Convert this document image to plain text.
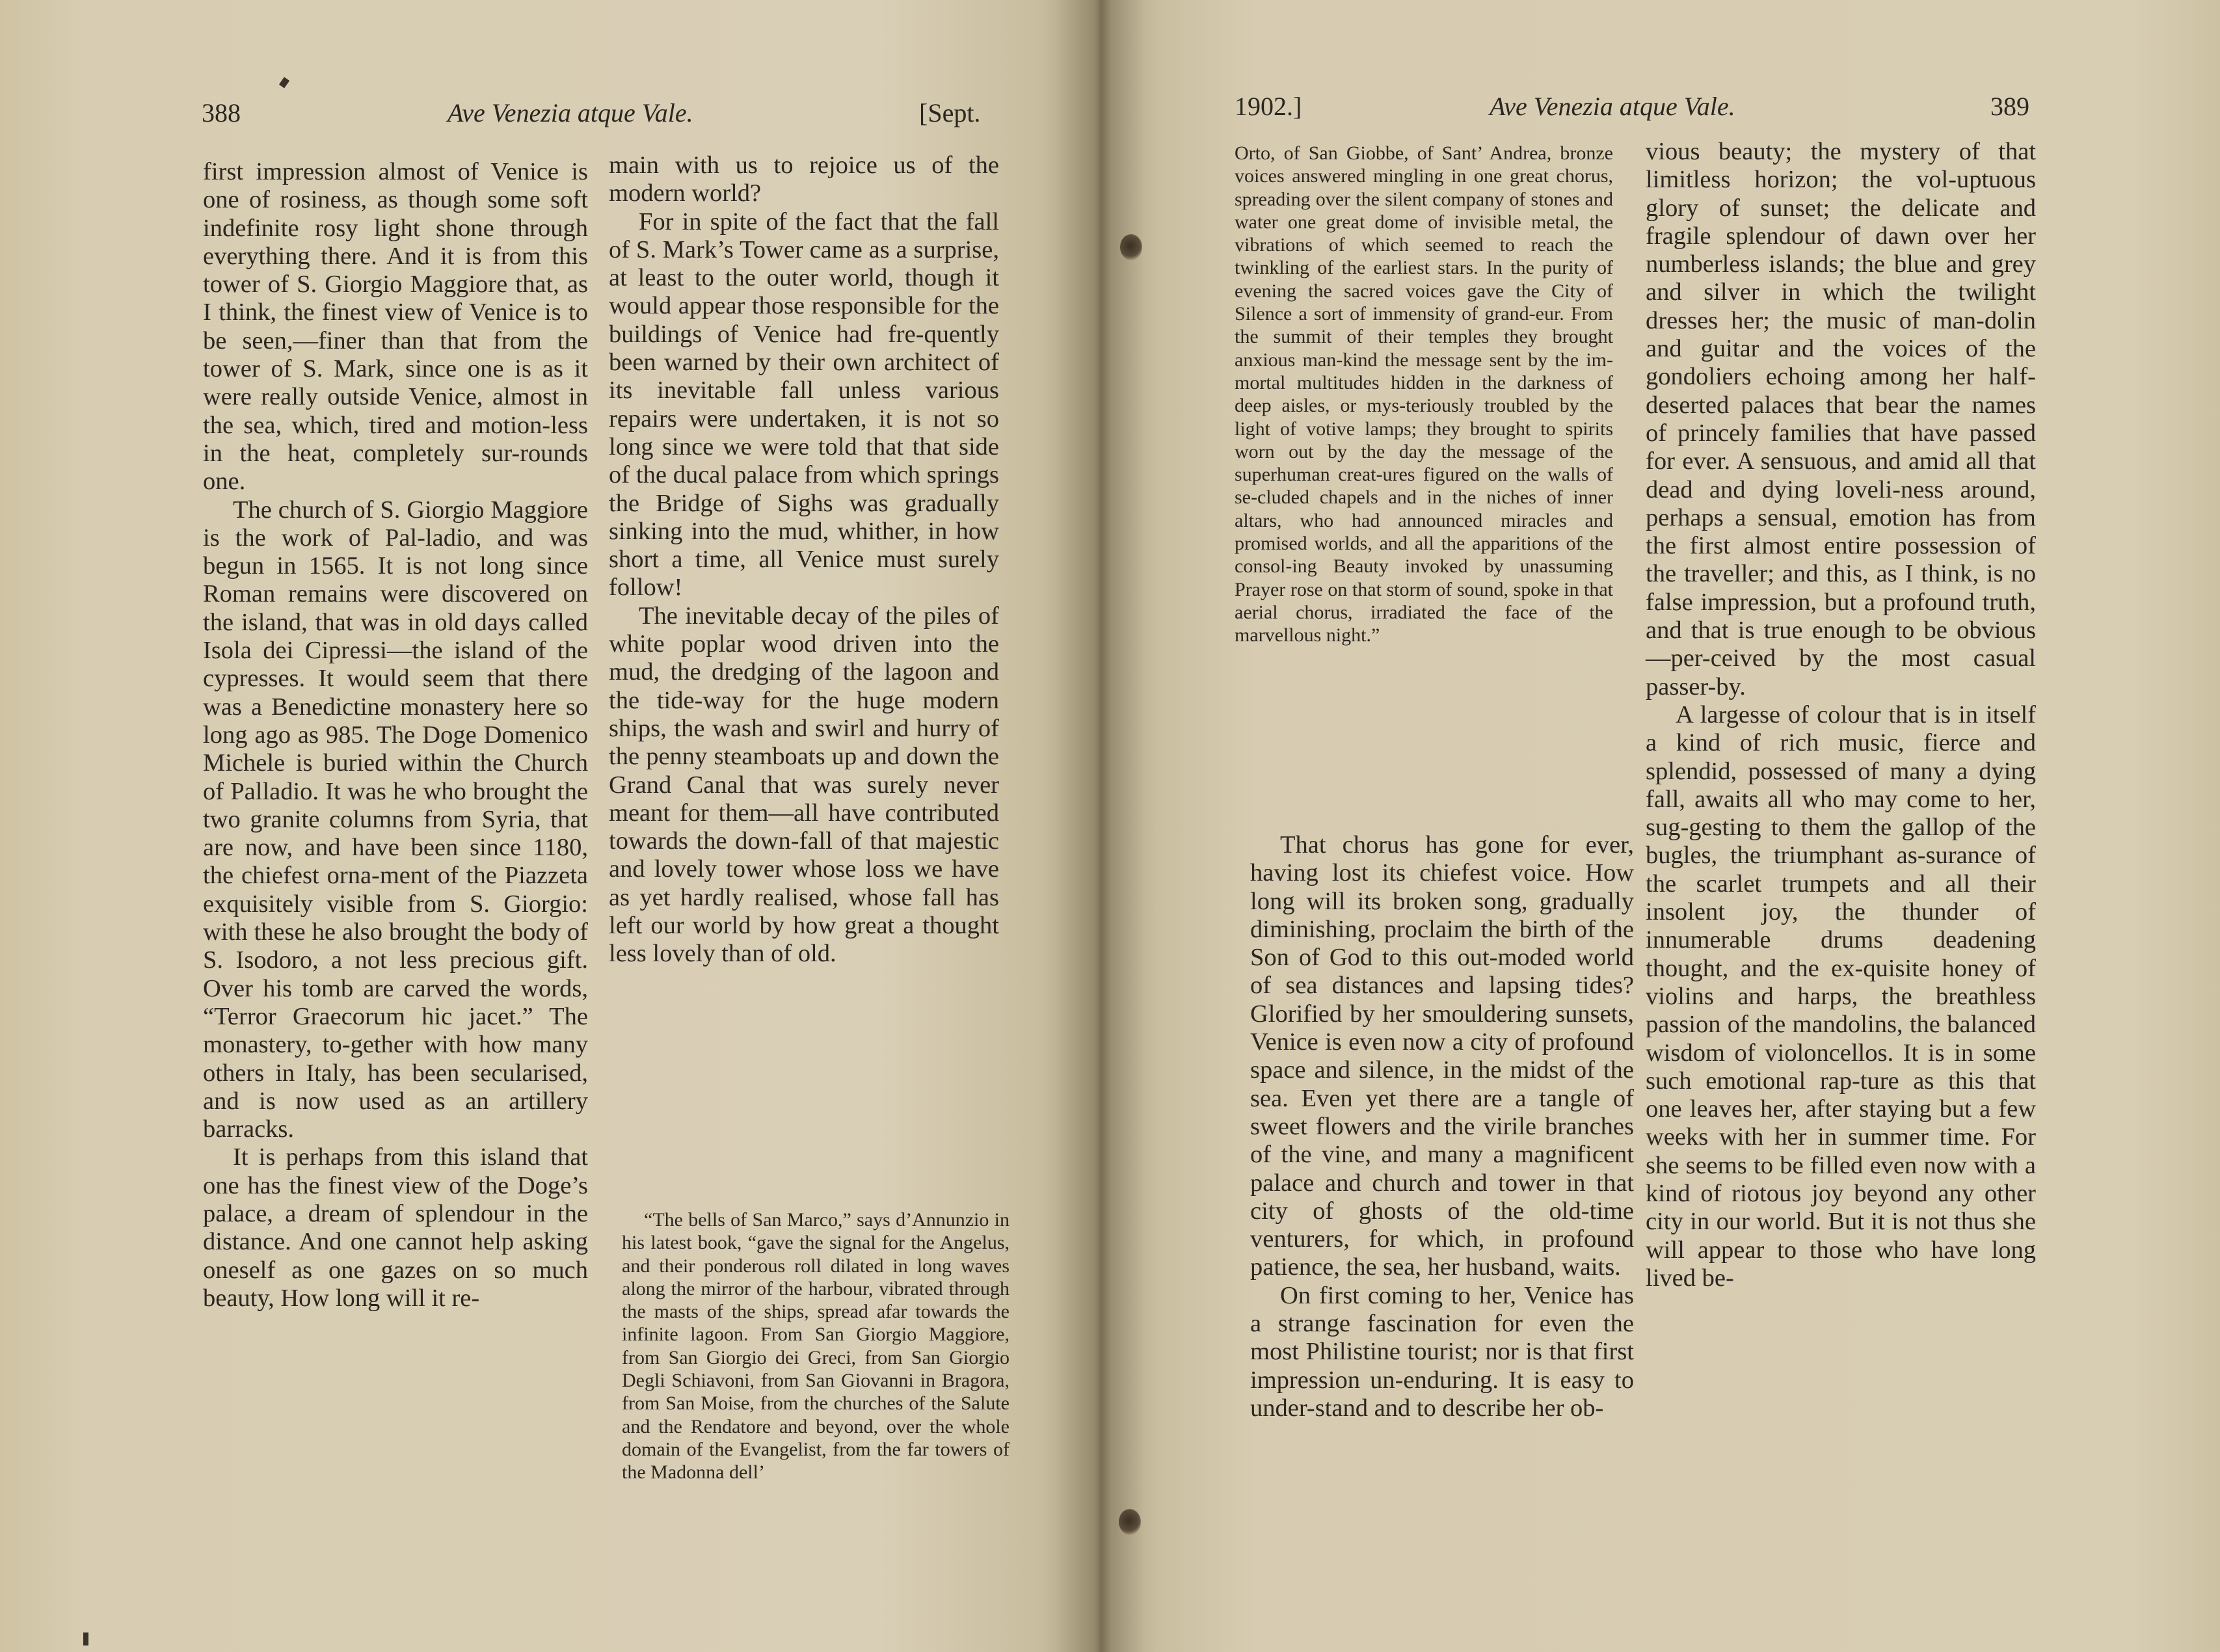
388	Ave Venezia atque Vale.	[Sept.

first impression almost of Venice is one of rosiness, as though some soft indefinite rosy light shone through everything there. And it is from this tower of S. Giorgio Maggiore that, as I think, the finest view of Venice is to be seen,—finer than that from the tower of S. Mark, since one is as it were really outside Venice, almost in the sea, which, tired and motion-less in the heat, completely sur-rounds one.

The church of S. Giorgio Maggiore is the work of Pal-ladio, and was begun in 1565. It is not long since Roman remains were discovered on the island, that was in old days called Isola dei Cipressi—the island of the cypresses. It would seem that there was a Benedictine monastery here so long ago as 985. The Doge Domenico Michele is buried within the Church of Palladio. It was he who brought the two granite columns from Syria, that are now, and have been since 1180, the chiefest orna-ment of the Piazzeta exquisitely visible from S. Giorgio: with these he also brought the body of S. Isodoro, a not less precious gift. Over his tomb are carved the words, “Terror Graecorum hic jacet.” The monastery, to-gether with how many others in Italy, has been secularised, and is now used as an artillery barracks.

It is perhaps from this island that one has the finest view of the Doge’s palace, a dream of splendour in the distance. And one cannot help asking oneself as one gazes on so much beauty, How long will it re-

main with us to rejoice us of the modern world?

For in spite of the fact that the fall of S. Mark’s Tower came as a surprise, at least to the outer world, though it would appear those responsible for the buildings of Venice had fre-quently been warned by their own architect of its inevitable fall unless various repairs were undertaken, it is not so long since we were told that that side of the ducal palace from which springs the Bridge of Sighs was gradually sinking into the mud, whither, in how short a time, all Venice must surely follow!

The inevitable decay of the piles of white poplar wood driven into the mud, the dredging of the lagoon and the tide-way for the huge modern ships, the wash and swirl and hurry of the penny steamboats up and down the Grand Canal that was surely never meant for them—all have contributed towards the down-fall of that majestic and lovely tower whose loss we have as yet hardly realised, whose fall has left our world by how great a thought less lovely than of old.

“The bells of San Marco,” says d’Annunzio in his latest book, “gave the signal for the Angelus, and their ponderous roll dilated in long waves along the mirror of the harbour, vibrated through the masts of the ships, spread afar towards the infinite lagoon. From San Giorgio Maggiore, from San Giorgio dei Greci, from San Giorgio Degli Schiavoni, from San Giovanni in Bragora, from San Moise, from the churches of the Salute and the Rendatore and beyond, over the whole domain of the Evangelist, from the far towers of the Madonna dell’

1902.]	Ave Venezia atque Vale.	389

Orto, of San Giobbe, of Sant’ Andrea, bronze voices answered mingling in one great chorus, spreading over the silent company of stones and water one great dome of invisible metal, the vibrations of which seemed to reach the twinkling of the earliest stars. In the purity of evening the sacred voices gave the City of Silence a sort of immensity of grand-eur. From the summit of their temples they brought anxious man-kind the message sent by the im-mortal multitudes hidden in the darkness of deep aisles, or mys-teriously troubled by the light of votive lamps; they brought to spirits worn out by the day the message of the superhuman creat-ures figured on the walls of se-cluded chapels and in the niches of inner altars, who had announced miracles and promised worlds, and all the apparitions of the consol-ing Beauty invoked by unassuming Prayer rose on that storm of sound, spoke in that aerial chorus, irradiated the face of the marvellous night.”

That chorus has gone for ever, having lost its chiefest voice. How long will its broken song, gradually diminishing, proclaim the birth of the Son of God to this out-moded world of sea distances and lapsing tides? Glorified by her smouldering sunsets, Venice is even now a city of profound space and silence, in the midst of the sea. Even yet there are a tangle of sweet flowers and the virile branches of the vine, and many a magnificent palace and church and tower in that city of ghosts of the old-time venturers, for which, in profound patience, the sea, her husband, waits.

On first coming to her, Venice has a strange fascination for even the most Philistine tourist; nor is that first impression un-enduring. It is easy to under-stand and to describe her ob-

vious beauty; the mystery of that limitless horizon; the vol-uptuous glory of sunset; the delicate and fragile splendour of dawn over her numberless islands; the blue and grey and silver in which the twilight dresses her; the music of man-dolin and guitar and the voices of the gondoliers echoing among her half-deserted palaces that bear the names of princely families that have passed for ever. A sensuous, and amid all that dead and dying loveli-ness around, perhaps a sensual, emotion has from the first almost entire possession of the traveller; and this, as I think, is no false impression, but a profound truth, and that is true enough to be obvious—per-ceived by the most casual passer-by.

A largesse of colour that is in itself a kind of rich music, fierce and splendid, possessed of many a dying fall, awaits all who may come to her, sug-gesting to them the gallop of the bugles, the triumphant as-surance of the scarlet trumpets and all their insolent joy, the thunder of innumerable drums deadening thought, and the ex-quisite honey of violins and harps, the breathless passion of the mandolins, the balanced wisdom of violoncellos. It is in some such emotional rap-ture as this that one leaves her, after staying but a few weeks with her in summer time. For she seems to be filled even now with a kind of riotous joy beyond any other city in our world. But it is not thus she will appear to those who have long lived be-
